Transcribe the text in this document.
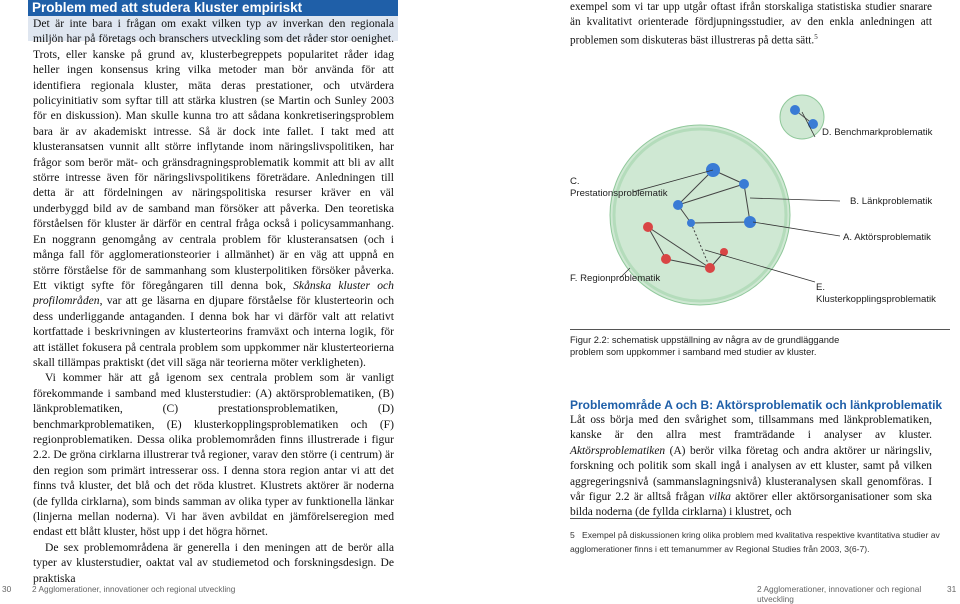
Problem med att studera kluster empiriskt

Det är inte bara i frågan om exakt vilken typ av inverkan den regionala miljön har på företags och branschers utveckling som det råder stor oenighet. Trots, eller kanske på grund av, klusterbegreppets popularitet råder idag heller ingen konsensus kring vilka metoder man bör använda för att identifiera regionala kluster, mäta deras prestationer, och utvärdera policyinitiativ som syftar till att stärka klustren (se Martin och Sunley 2003 för en diskussion). Man skulle kunna tro att sådana konkretiseringsproblem bara är av akademiskt intresse. Så är dock inte fallet. I takt med att klusteransatsen vunnit allt större inflytande inom näringslivspolitiken, har frågor som berör mät- och gränsdragningsproblematik kommit att bli av allt större intresse även för näringslivspolitikens företrädare. Anledningen till detta är att fördelningen av näringspolitiska resurser kräver en väl underbyggd bild av de samband man försöker att påverka. Den teoretiska förståelsen för kluster är därför en central fråga också i policysammanhang. En noggrann genomgång av centrala problem för klusteransatsen (och i många fall för agglomerationsteorier i allmänhet) är en väg att uppnå en större förståelse för de sammanhang som klusterpolitiken försöker påverka. Ett viktigt syfte för föregångaren till denna bok, Skånska kluster och profilområden, var att ge läsarna en djupare förståelse för klusterteorin och dess underliggande antaganden. I denna bok har vi därför valt att relativt kortfattade i beskrivningen av klusterteorins framväxt och interna logik, för att istället fokusera på centrala problem som uppkommer när klusterteorierna skall tillämpas praktiskt (det vill säga när teorierna möter verkligheten).

Vi kommer här att gå igenom sex centrala problem som är vanligt förekommande i samband med klusterstudier: (A) aktörsproblematiken, (B) länkproblematiken, (C) prestationsproblematiken, (D) benchmarkproblematiken, (E) klusterkopplingsproblematiken och (F) regionproblematiken. Dessa olika problemområden finns illustrerade i figur 2.2. De gröna cirklarna illustrerar två regioner, varav den större (i centrum) är den region som primärt intresserar oss. I denna stora region antar vi att det finns två kluster, det blå och det röda klustret. Klustrets aktörer är noderna (de fyllda cirklarna), som binds samman av olika typer av funktionella länkar (linjerna mellan noderna). Vi har även avbildat en jämförelseregion med endast ett blått kluster, höst upp i det högra hörnet.

De sex problemområdena är generella i den meningen att de berör alla typer av klusterstudier, oaktat val av studiemetod och forskningsdesign. De praktiska

30	2 Agglomerationer, innovationer och regional utveckling
exempel som vi tar upp utgår oftast ifrån storskaliga statistiska studier snarare än kvalitativt orienterade fördjupningsstudier, av den enkla anledningen att problemen som diskuteras bäst illustreras på detta sätt.$^5$
D. Benchmarkproblematik
C. Prestationsproblematik
B. Länkproblematik
A. Aktörsproblematik
F. Regionproblematik
E. Klusterkopplingsproblematik
Figur 2.2: schematisk uppställning av några av de grundläggande problem som uppkommer i samband med studier av kluster.
Problemområde A och B: Aktörsproblematik och länkproblematik
Låt oss börja med den svårighet som, tillsammans med länkproblematiken, kanske är den allra mest framträdande i analyser av kluster. Aktörsproblematiken (A) berör vilka företag och andra aktörer ur näringsliv, forskning och politik som skall ingå i analysen av ett kluster, samt på vilken aggregeringsnivå (sammanslagningsnivå) klusteranalysen skall genomföras. I vår figur 2.2 är alltså frågan vilka aktörer eller aktörsorganisationer som ska bilda noderna (de fyllda cirklarna) i klustret, och
5 Exempel på diskussionen kring olika problem med kvalitativa respektive kvantitativa studier av agglomerationer finns i ett temanummer av Regional Studies från 2003, 3(6-7).
2 Agglomerationer, innovationer och regional utveckling
31
